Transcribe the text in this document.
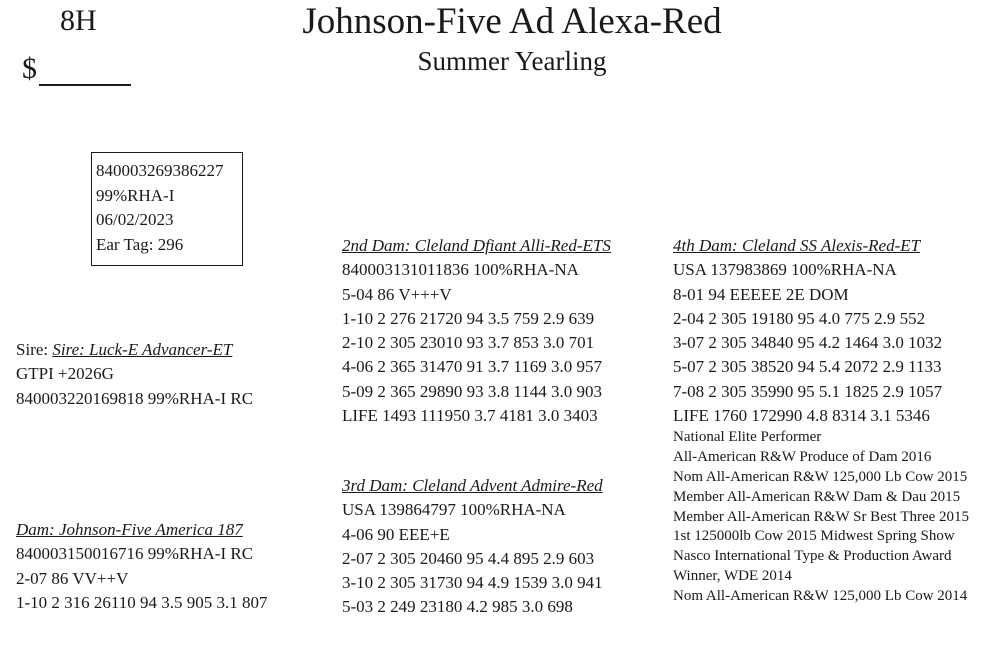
8H
$
Johnson-Five Ad Alexa-Red
Summer Yearling
840003269386227
99%RHA-I
06/02/2023
Ear Tag: 296
Sire: Sire: Luck-E Advancer-ET
GTPI +2026G
840003220169818 99%RHA-I RC
Dam: Johnson-Five America 187
840003150016716 99%RHA-I RC
2-07 86 VV++V
1-10 2 316 26110 94 3.5 905 3.1 807
2nd Dam: Cleland Dfiant Alli-Red-ETS
840003131011836 100%RHA-NA
5-04 86 V+++V
1-10 2 276 21720 94 3.5 759 2.9 639
2-10 2 305 23010 93 3.7 853 3.0 701
4-06 2 365 31470 91 3.7 1169 3.0 957
5-09 2 365 29890 93 3.8 1144 3.0 903
LIFE 1493 111950 3.7 4181 3.0 3403
3rd Dam: Cleland Advent Admire-Red
USA 139864797 100%RHA-NA
4-06 90 EEE+E
2-07 2 305 20460 95 4.4 895 2.9 603
3-10 2 305 31730 94 4.9 1539 3.0 941
5-03 2 249 23180 4.2 985 3.0 698
4th Dam: Cleland SS Alexis-Red-ET
USA 137983869 100%RHA-NA
8-01 94 EEEEE 2E DOM
2-04 2 305 19180 95 4.0 775 2.9 552
3-07 2 305 34840 95 4.2 1464 3.0 1032
5-07 2 305 38520 94 5.4 2072 2.9 1133
7-08 2 305 35990 95 5.1 1825 2.9 1057
LIFE 1760 172990 4.8 8314 3.1 5346
National Elite Performer
All-American R&W Produce of Dam 2016
Nom All-American R&W 125,000 Lb Cow 2015
Member All-American R&W Dam & Dau 2015
Member All-American R&W Sr Best Three 2015
1st 125000lb Cow 2015 Midwest Spring Show
Nasco International Type & Production Award
Winner, WDE 2014
Nom All-American R&W 125,000 Lb Cow 2014
